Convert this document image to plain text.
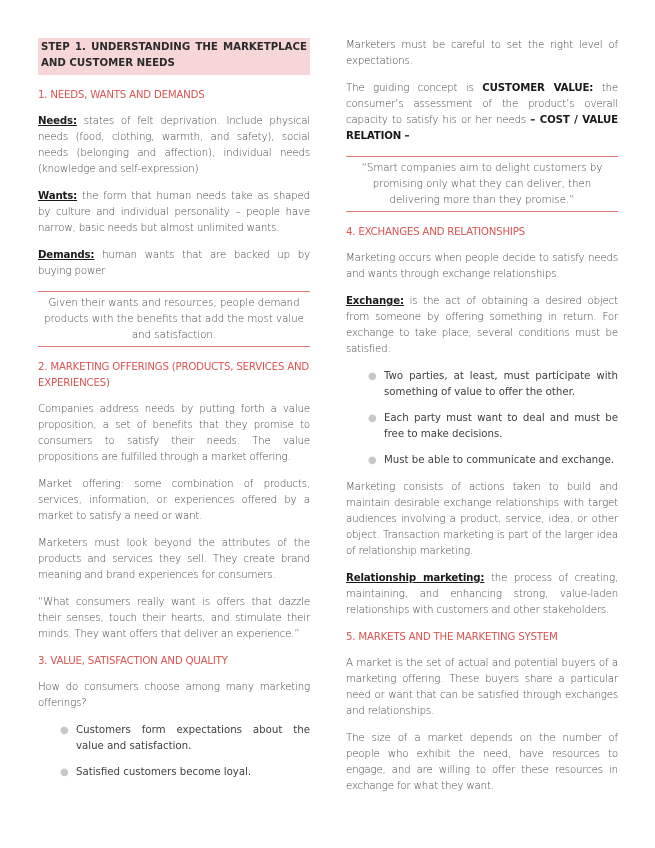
STEP 1. UNDERSTANDING THE MARKETPLACE AND CUSTOMER NEEDS
1. NEEDS, WANTS AND DEMANDS

Needs: states of felt deprivation. Include physical needs (food, clothing, warmth, and safety), social needs (belonging and affection), individual needs (knowledge and self-expression)

Wants: the form that human needs take as shaped by culture and individual personality – people have narrow, basic needs but almost unlimited wants.

Demands: human wants that are backed up by buying power

Given their wants and resources, people demand products with the benefits that add the most value and satisfaction.
2. MARKETING OFFERINGS (PRODUCTS, SERVICES AND EXPERIENCES)

Companies address needs by putting forth a value proposition, a set of benefits that they promise to consumers to satisfy their needs. The value propositions are fulfilled through a market offering.

Market offering: some combination of products, services, information, or experiences offered by a market to satisfy a need or want.

Marketers must look beyond the attributes of the products and services they sell. They create brand meaning and brand experiences for consumers.

“What consumers really want is offers that dazzle their senses, touch their hearts, and stimulate their minds. They want offers that deliver an experience.”

3. VALUE, SATISFACTION AND QUALITY

How do consumers choose among many marketing offerings?

● Customers form expectations about the value and satisfaction.
● Satisfied customers become loyal.

Marketers must be careful to set the right level of expectations.

The guiding concept is CUSTOMER VALUE: the consumer’s assessment of the product’s overall capacity to satisfy his or her needs – COST / VALUE RELATION –

“Smart companies aim to delight customers by promising only what they can deliver, then delivering more than they promise.”
4. EXCHANGES AND RELATIONSHIPS

Marketing occurs when people decide to satisfy needs and wants through exchange relationships.

Exchange: is the act of obtaining a desired object from someone by offering something in return. For exchange to take place, several conditions must be satisfied:

● Two parties, at least, must participate with something of value to offer the other.
● Each party must want to deal and must be free to make decisions.
● Must be able to communicate and exchange.

Marketing consists of actions taken to build and maintain desirable exchange relationships with target audiences involving a product, service, idea, or other object. Transaction marketing is part of the larger idea of relationship marketing.

Relationship marketing: the process of creating, maintaining, and enhancing strong, value-laden relationships with customers and other stakeholders.

5. MARKETS AND THE MARKETING SYSTEM

A market is the set of actual and potential buyers of a marketing offering. These buyers share a particular need or want that can be satisfied through exchanges and relationships.

The size of a market depends on the number of people who exhibit the need, have resources to engage, and are willing to offer these resources in exchange for what they want.
